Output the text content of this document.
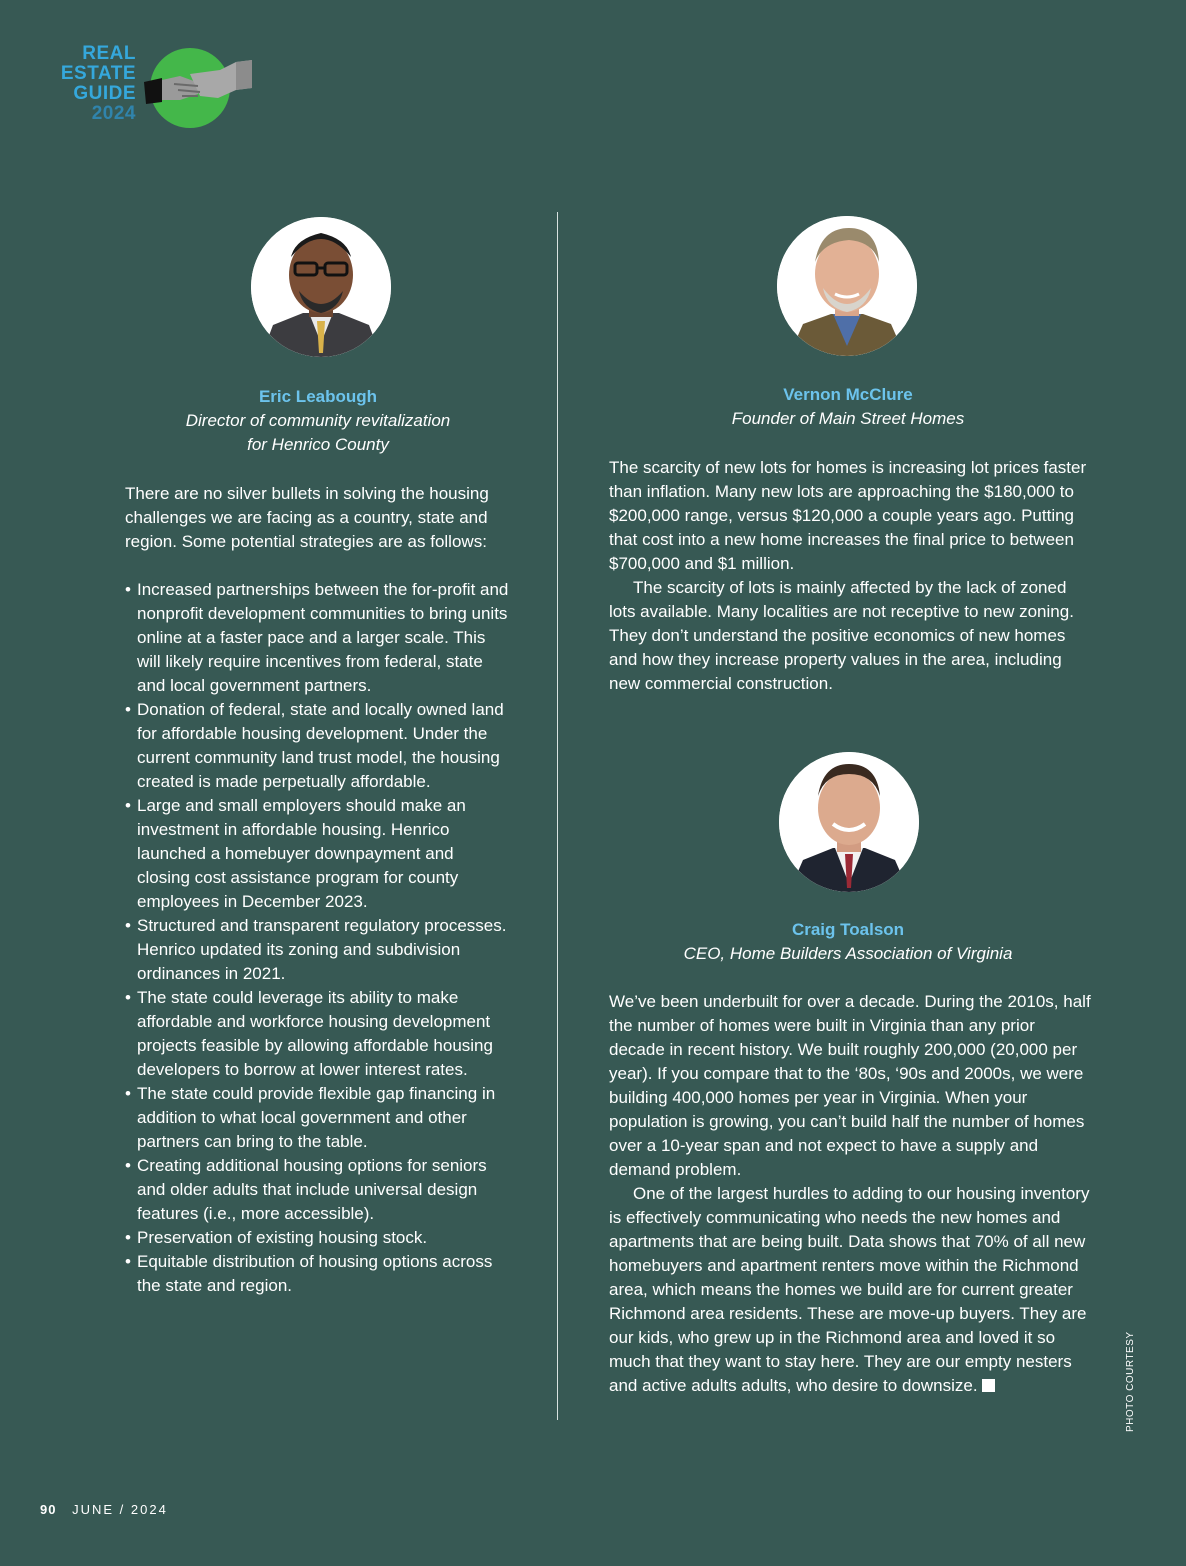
REAL
ESTATE
GUIDE
2024
Eric Leabough
Director of community revitalization
for Henrico County

There are no silver bullets in solving the housing challenges we are facing as a country, state and region. Some potential strategies are as follows:

• Increased partnerships between the for-profit and nonprofit development communities to bring units online at a faster pace and a larger scale. This will likely require incentives from federal, state and local government partners.
• Donation of federal, state and locally owned land for affordable housing development. Under the current community land trust model, the housing created is made perpetually affordable.
• Large and small employers should make an investment in affordable housing. Henrico launched a homebuyer downpayment and closing cost assistance program for county employees in December 2023.
• Structured and transparent regulatory processes. Henrico updated its zoning and subdivision ordinances in 2021.
• The state could leverage its ability to make affordable and workforce housing development projects feasible by allowing affordable housing developers to borrow at lower interest rates.
• The state could provide flexible gap financing in addition to what local government and other partners can bring to the table.
• Creating additional housing options for seniors and older adults that include universal design features (i.e., more accessible).
• Preservation of existing housing stock.
• Equitable distribution of housing options across the state and region.
Vernon McClure
Founder of Main Street Homes

The scarcity of new lots for homes is increasing lot prices faster than inflation. Many new lots are approaching the $180,000 to $200,000 range, versus $120,000 a couple years ago. Putting that cost into a new home increases the final price to between $700,000 and $1 million.

The scarcity of lots is mainly affected by the lack of zoned lots available. Many localities are not receptive to new zoning. They don’t understand the positive economics of new homes and how they increase property values in the area, including new commercial construction.

Craig Toalson
CEO, Home Builders Association of Virginia

We’ve been underbuilt for over a decade. During the 2010s, half the number of homes were built in Virginia than any prior decade in recent history. We built roughly 200,000 (20,000 per year). If you compare that to the ‘80s, ‘90s and 2000s, we were building 400,000 homes per year in Virginia. When your population is growing, you can’t build half the number of homes over a 10-year span and not expect to have a supply and demand problem.

One of the largest hurdles to adding to our housing inventory is effectively communicating who needs the new homes and apartments that are being built. Data shows that 70% of all new homebuyers and apartment renters move within the Richmond area, which means the homes we build are for current greater Richmond area residents. These are move-up buyers. They are our kids, who grew up in the Richmond area and loved it so much that they want to stay here. They are our empty nesters and active adults adults, who desire to downsize.	PHOTO COURTESY
90 JUNE / 2024
